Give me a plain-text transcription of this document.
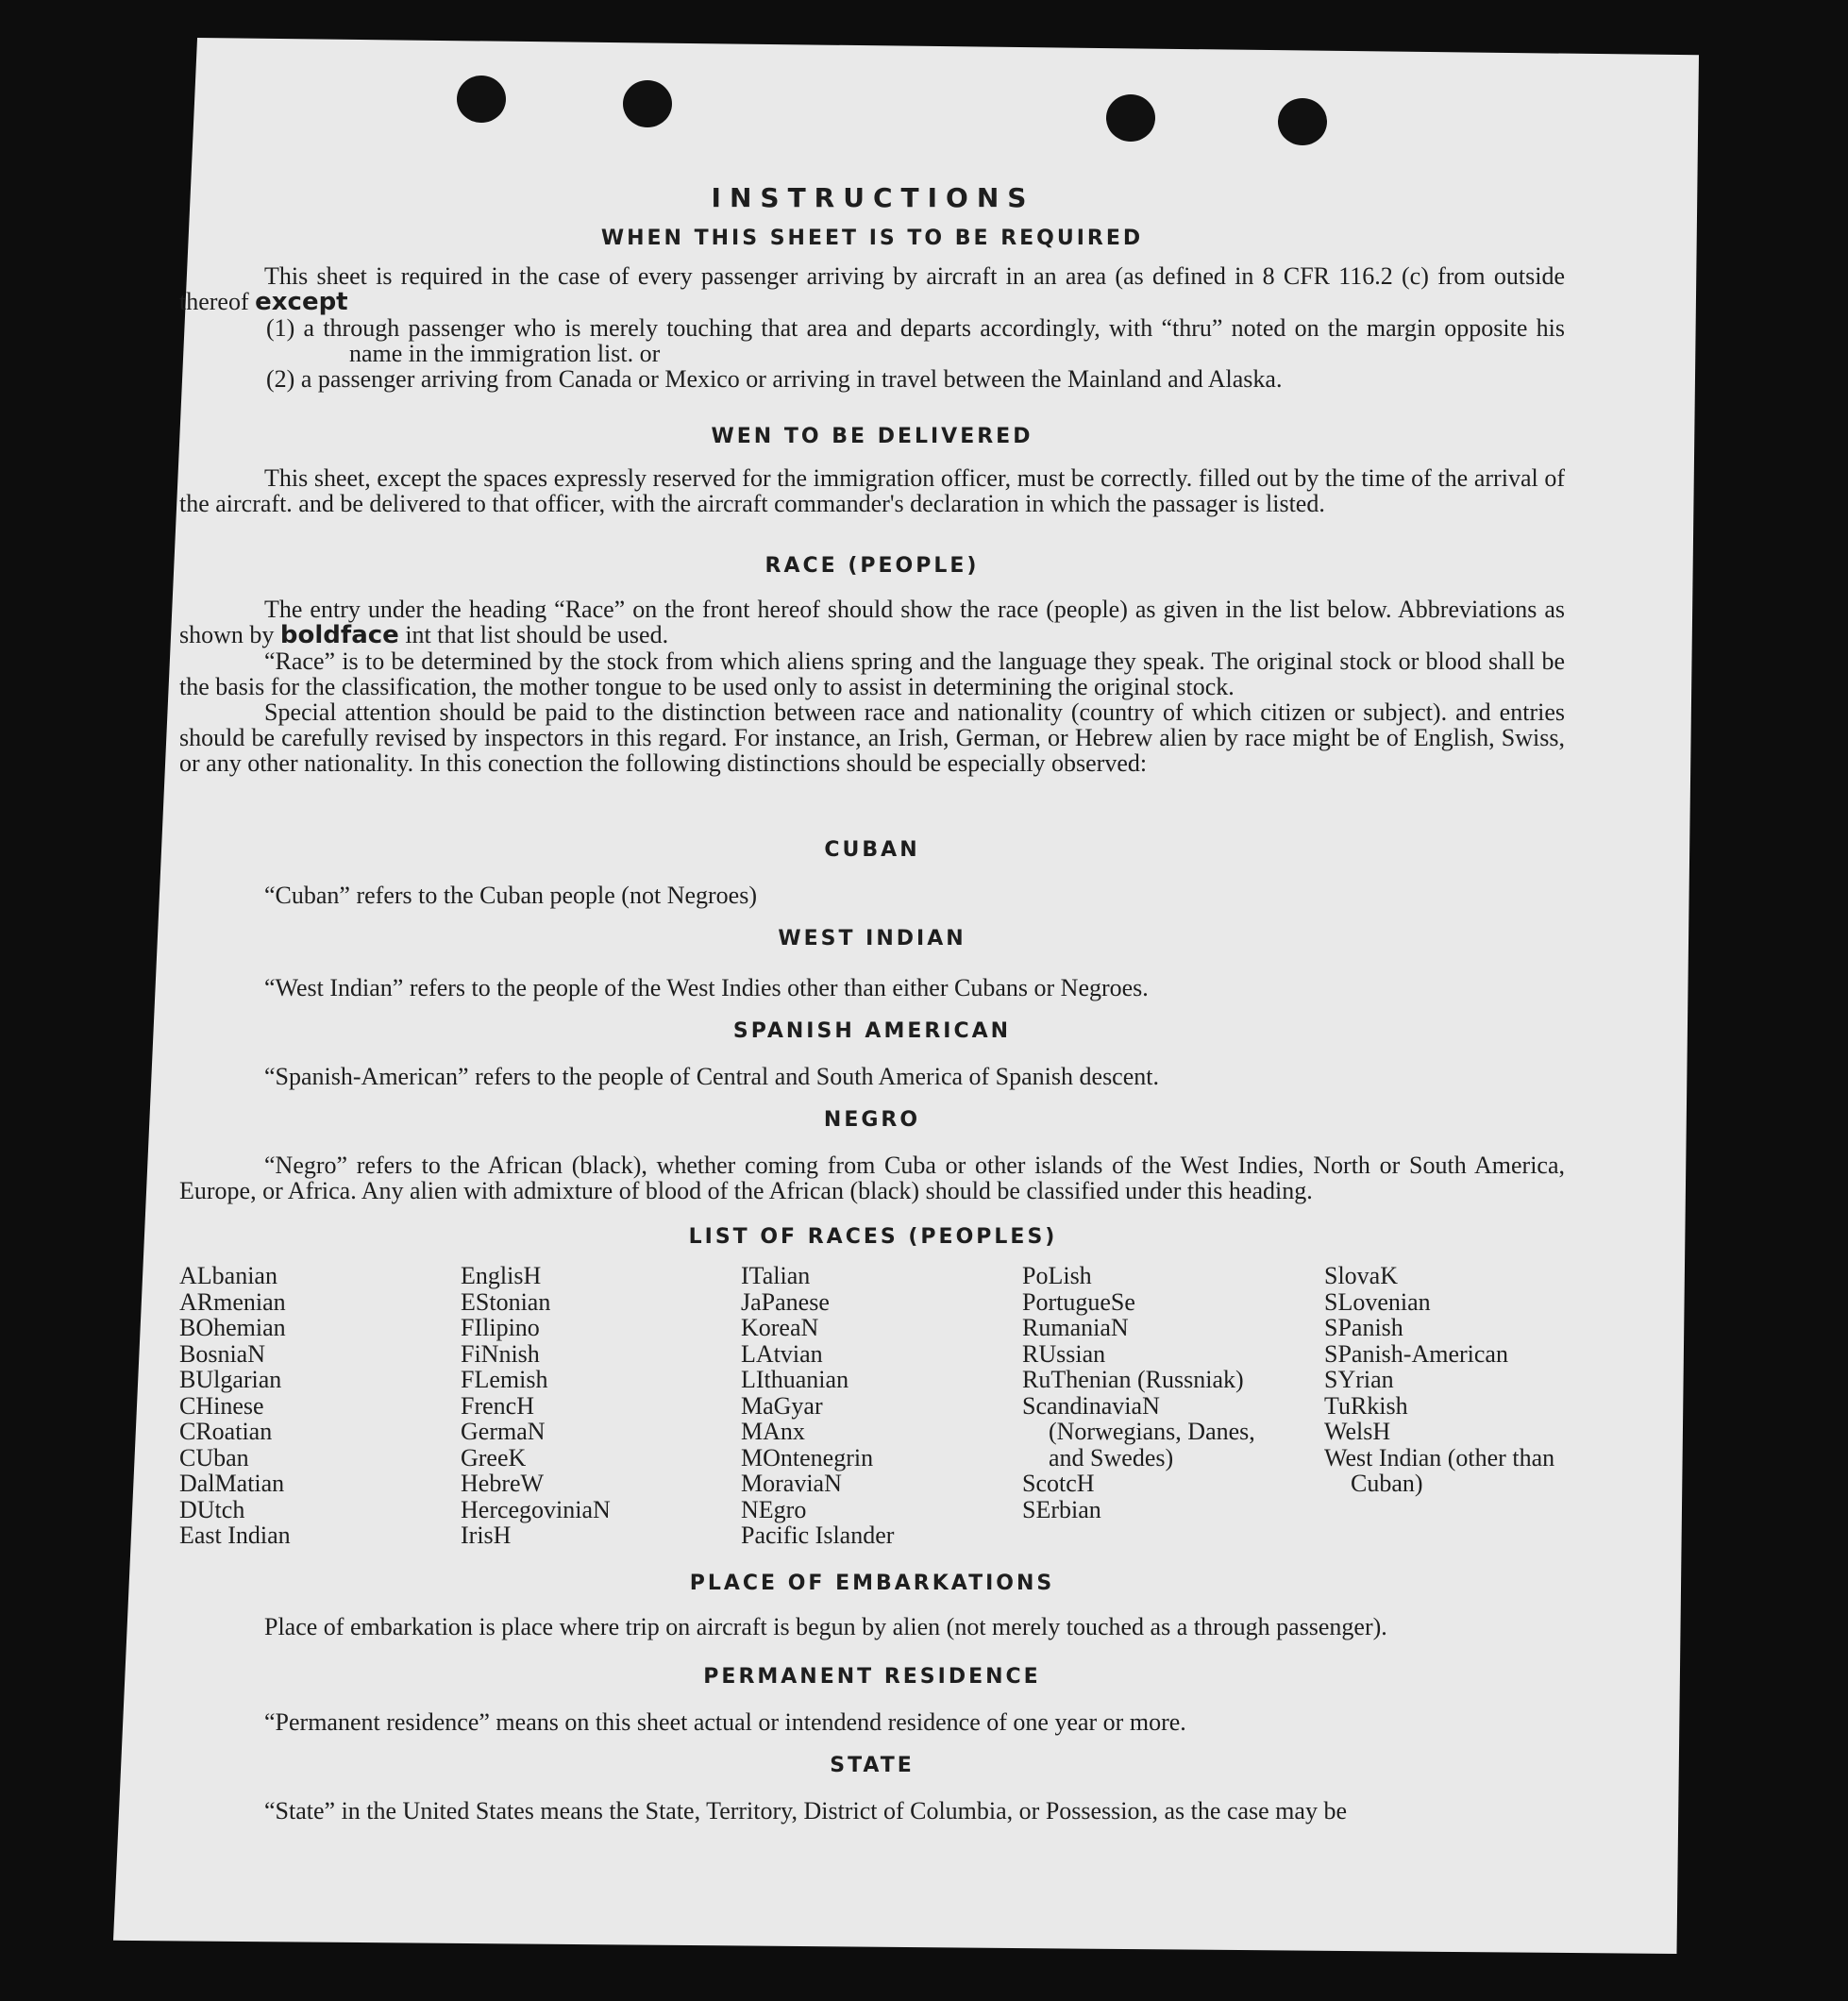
INSTRUCTIONS
WHEN THIS SHEET IS TO BE REQUIRED

This sheet is required in the case of every passenger arriving by aircraft in an area (as defined in 8 CFR 116.2 (c) from outside thereof except

(1) a through passenger who is merely touching that area and departs accordingly, with “thru” noted on the margin opposite his name in the immigration list. or

(2) a passenger arriving from Canada or Mexico or arriving in travel between the Mainland and Alaska.

WEN TO BE DELIVERED

This sheet, except the spaces expressly reserved for the immigration officer, must be correctly. filled out by the time of the arrival of the aircraft. and be delivered to that officer, with the aircraft commander's declaration in which the passager is listed.

RACE (PEOPLE)

The entry under the heading “Race” on the front hereof should show the race (people) as given in the list below. Abbreviations as shown by boldface int that list should be used.

“Race” is to be determined by the stock from which aliens spring and the language they speak. The original stock or blood shall be the basis for the classification, the mother tongue to be used only to assist in determining the original stock.

Special attention should be paid to the distinction between race and nationality (country of which citizen or subject). and entries should be carefully revised by inspectors in this regard. For instance, an Irish, German, or Hebrew alien by race might be of English, Swiss, or any other nationality. In this conection the following distinctions should be especially observed:

CUBAN

“Cuban” refers to the Cuban people (not Negroes)

WEST INDIAN

“West Indian” refers to the people of the West Indies other than either Cubans or Negroes.

SPANISH AMERICAN

“Spanish-American” refers to the people of Central and South America of Spanish descent.

NEGRO

“Negro” refers to the African (black), whether coming from Cuba or other islands of the West Indies, North or South America, Europe, or Africa. Any alien with admixture of blood of the African (black) should be classified under this heading.

LIST OF RACES (PEOPLES)
ALbanian
ARmenian
BOhemian
BosniaN
BUlgarian
CHinese
CRoatian
CUban
DalMatian
DUtch
East Indian
EnglisH
EStonian
FIlipino
FiNnish
FLemish
FrencH
GermaN
GreeK
HebreW
HercegoviniaN
IrisH
ITalian
JaPanese
KoreaN
LAtvian
LIthuanian
MaGyar
MAnx
MOntenegrin
MoraviaN
NEgro
Pacific Islander
PoLish
PortugueSe
RumaniaN
RUssian
RuThenian (Russniak)
ScandinaviaN (Norwegians, Danes, and Swedes)
ScotcH
SErbian
SlovaK
SLovenian
SPanish
SPanish-American
SYrian
TuRkish
WelsH
West Indian (other than Cuban)
PLACE OF EMBARKATIONS

Place of embarkation is place where trip on aircraft is begun by alien (not merely touched as a through passenger).

PERMANENT RESIDENCE

“Permanent residence” means on this sheet actual or intendend residence of one year or more.

STATE

“State” in the United States means the State, Territory, District of Columbia, or Possession, as the case may be
